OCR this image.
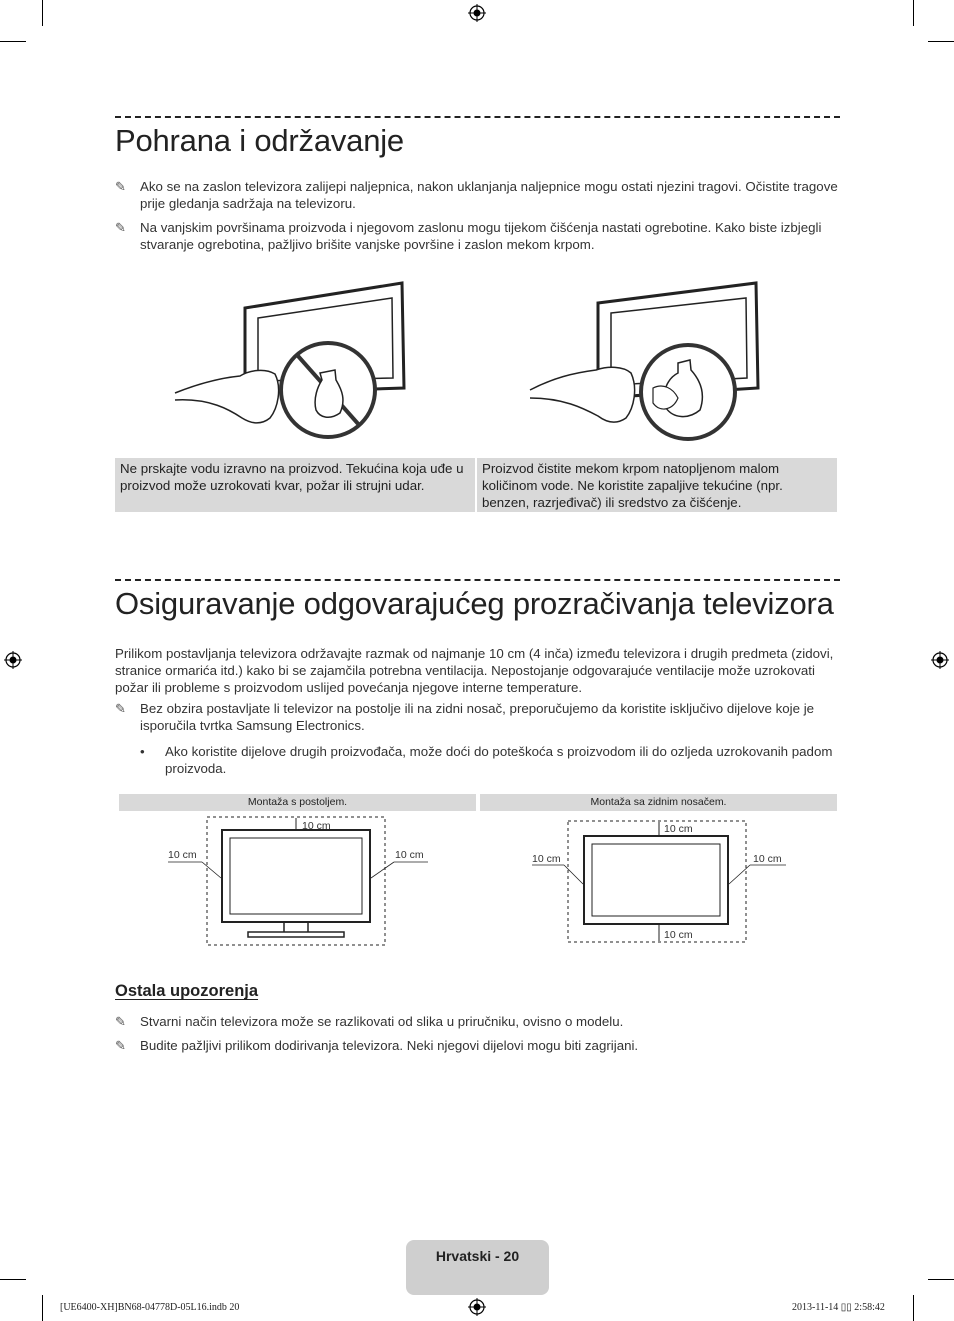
Pohrana i održavanje
✎	Ako se na zaslon televizora zalijepi naljepnica, nakon uklanjanja naljepnice mogu ostati njezini tragovi. Očistite tragove prije gledanja sadržaja na televizoru.
✎	Na vanjskim površinama proizvoda i njegovom zaslonu mogu tijekom čišćenja nastati ogrebotine. Kako biste izbjegli stvaranje ogrebotina, pažljivo brišite vanjske površine i zaslon mekom krpom.
Ne prskajte vodu izravno na proizvod. Tekućina koja uđe u proizvod može uzrokovati kvar, požar ili strujni udar.
Proizvod čistite mekom krpom natopljenom malom količinom vode. Ne koristite zapaljive tekućine (npr. benzen, razrjeđivač) ili sredstvo za čišćenje.
Osiguravanje odgovarajućeg prozračivanja televizora
Prilikom postavljanja televizora održavajte razmak od najmanje 10 cm (4 inča) između televizora i drugih predmeta (zidovi, stranice ormarića itd.) kako bi se zajamčila potrebna ventilacija. Nepostojanje odgovarajuće ventilacije može uzrokovati požar ili probleme s proizvodom uslijed povećanja njegove interne temperature.
✎	Bez obzira postavljate li televizor na postolje ili na zidni nosač, preporučujemo da koristite isključivo dijelove koje je isporučila tvrtka Samsung Electronics.
•	Ako koristite dijelove drugih proizvođača, može doći do poteškoća s proizvodom ili do ozljeda uzrokovanih padom proizvoda.
Montaža s postoljem.	Montaža sa zidnim nosačem.
10 cm
10 cm	10 cm
10 cm
10 cm	10 cm
10 cm
Ostala upozorenja
✎	Stvarni način televizora može se razlikovati od slika u priručniku, ovisno o modelu.
✎	Budite pažljivi prilikom dodirivanja televizora. Neki njegovi dijelovi mogu biti zagrijani.
Hrvatski - 20
[UE6400-XH]BN68-04778D-05L16.indb 20	2013-11-14 ▯▯ 2:58:42
